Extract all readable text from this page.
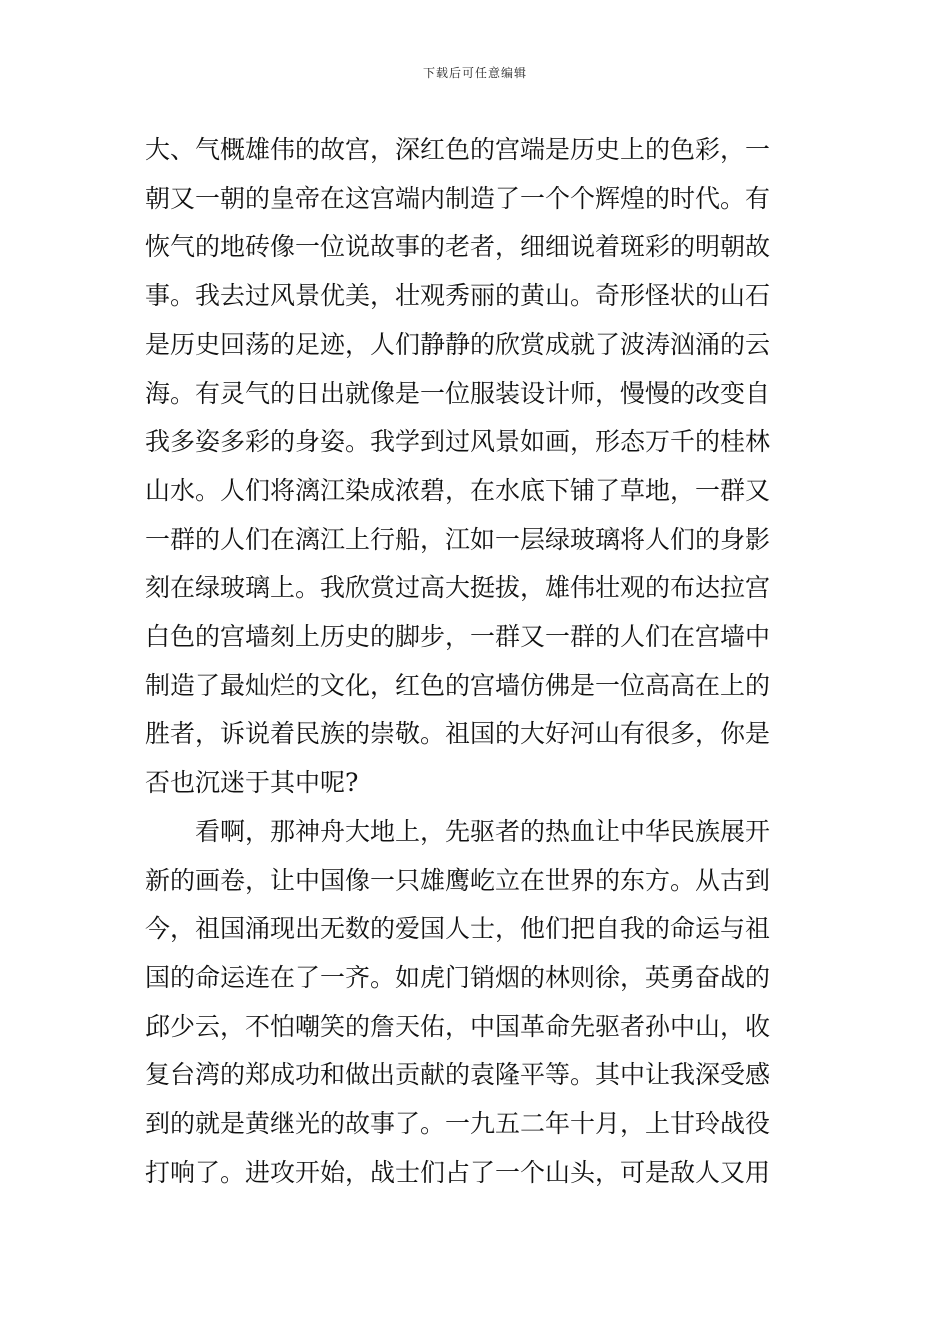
下载后可任意编辑
大、气概雄伟的故宫，深红色的宫端是历史上的色彩，一
朝又一朝的皇帝在这宫端内制造了一个个辉煌的时代。有
恢气的地砖像一位说故事的老者，细细说着斑彩的明朝故
事。我去过风景优美，壮观秀丽的黄山。奇形怪状的山石
是历史回荡的足迹，人们静静的欣赏成就了波涛汹涌的云
海。有灵气的日出就像是一位服装设计师，慢慢的改变自
我多姿多彩的身姿。我学到过风景如画，形态万千的桂林
山水。人们将漓江染成浓碧，在水底下铺了草地，一群又
一群的人们在漓江上行船，江如一层绿玻璃将人们的身影
刻在绿玻璃上。我欣赏过高大挺拔，雄伟壮观的布达拉宫
白色的宫墙刻上历史的脚步，一群又一群的人们在宫墙中
制造了最灿烂的文化，红色的宫墙仿佛是一位高高在上的
胜者，诉说着民族的崇敬。祖国的大好河山有很多，你是
否也沉迷于其中呢?
看啊，那神舟大地上，先驱者的热血让中华民族展开
新的画卷，让中国像一只雄鹰屹立在世界的东方。从古到
今，祖国涌现出无数的爱国人士，他们把自我的命运与祖
国的命运连在了一齐。如虎门销烟的林则徐，英勇奋战的
邱少云，不怕嘲笑的詹天佑，中国革命先驱者孙中山，收
复台湾的郑成功和做出贡献的袁隆平等。其中让我深受感
到的就是黄继光的故事了。一九五二年十月，上甘玲战役
打响了。进攻开始，战士们占了一个山头，可是敌人又用
